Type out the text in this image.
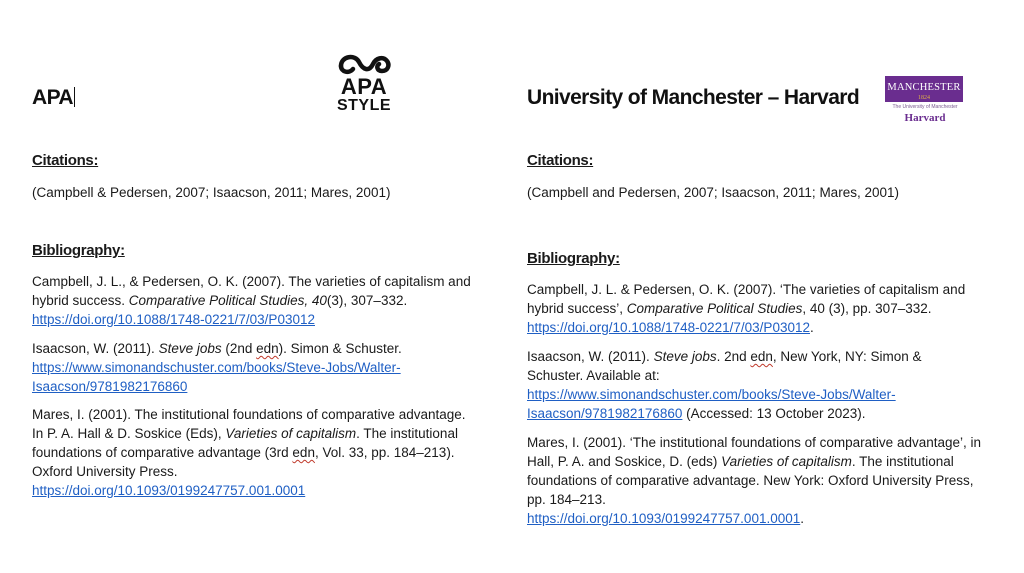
APA
Citations:
(Campbell & Pedersen, 2007; Isaacson, 2011; Mares, 2001)
Bibliography:

Campbell, J. L., & Pedersen, O. K. (2007). The varieties of capitalism and hybrid success. Comparative Political Studies, 40(3), 307–332.
https://doi.org/10.1088/1748-0221/7/03/P03012

Isaacson, W. (2011). Steve jobs (2nd edn). Simon & Schuster.
https://www.simonandschuster.com/books/Steve-Jobs/Walter-Isaacson/9781982176860

Mares, I. (2001). The institutional foundations of comparative advantage. In P. A. Hall & D. Soskice (Eds), Varieties of capitalism. The institutional foundations of comparative advantage (3rd edn, Vol. 33, pp. 184–213). Oxford University Press.
https://doi.org/10.1093/0199247757.001.0001

APA
STYLE	University of Manchester – Harvard
Citations:
(Campbell and Pedersen, 2007; Isaacson, 2011; Mares, 2001)
Bibliography:

Campbell, J. L. & Pedersen, O. K. (2007). ‘The varieties of capitalism and hybrid success’, Comparative Political Studies, 40 (3), pp. 307–332.
https://doi.org/10.1088/1748-0221/7/03/P03012.

Isaacson, W. (2011). Steve jobs. 2nd edn, New York, NY: Simon & Schuster. Available at:
https://www.simonandschuster.com/books/Steve-Jobs/Walter-Isaacson/9781982176860 (Accessed: 13 October 2023).

Mares, I. (2001). ‘The institutional foundations of comparative advantage’, in Hall, P. A. and Soskice, D. (eds) Varieties of capitalism. The institutional foundations of comparative advantage. New York: Oxford University Press, pp. 184–213.
https://doi.org/10.1093/0199247757.001.0001.

MANCHESTER
1824
The University of Manchester
Harvard
